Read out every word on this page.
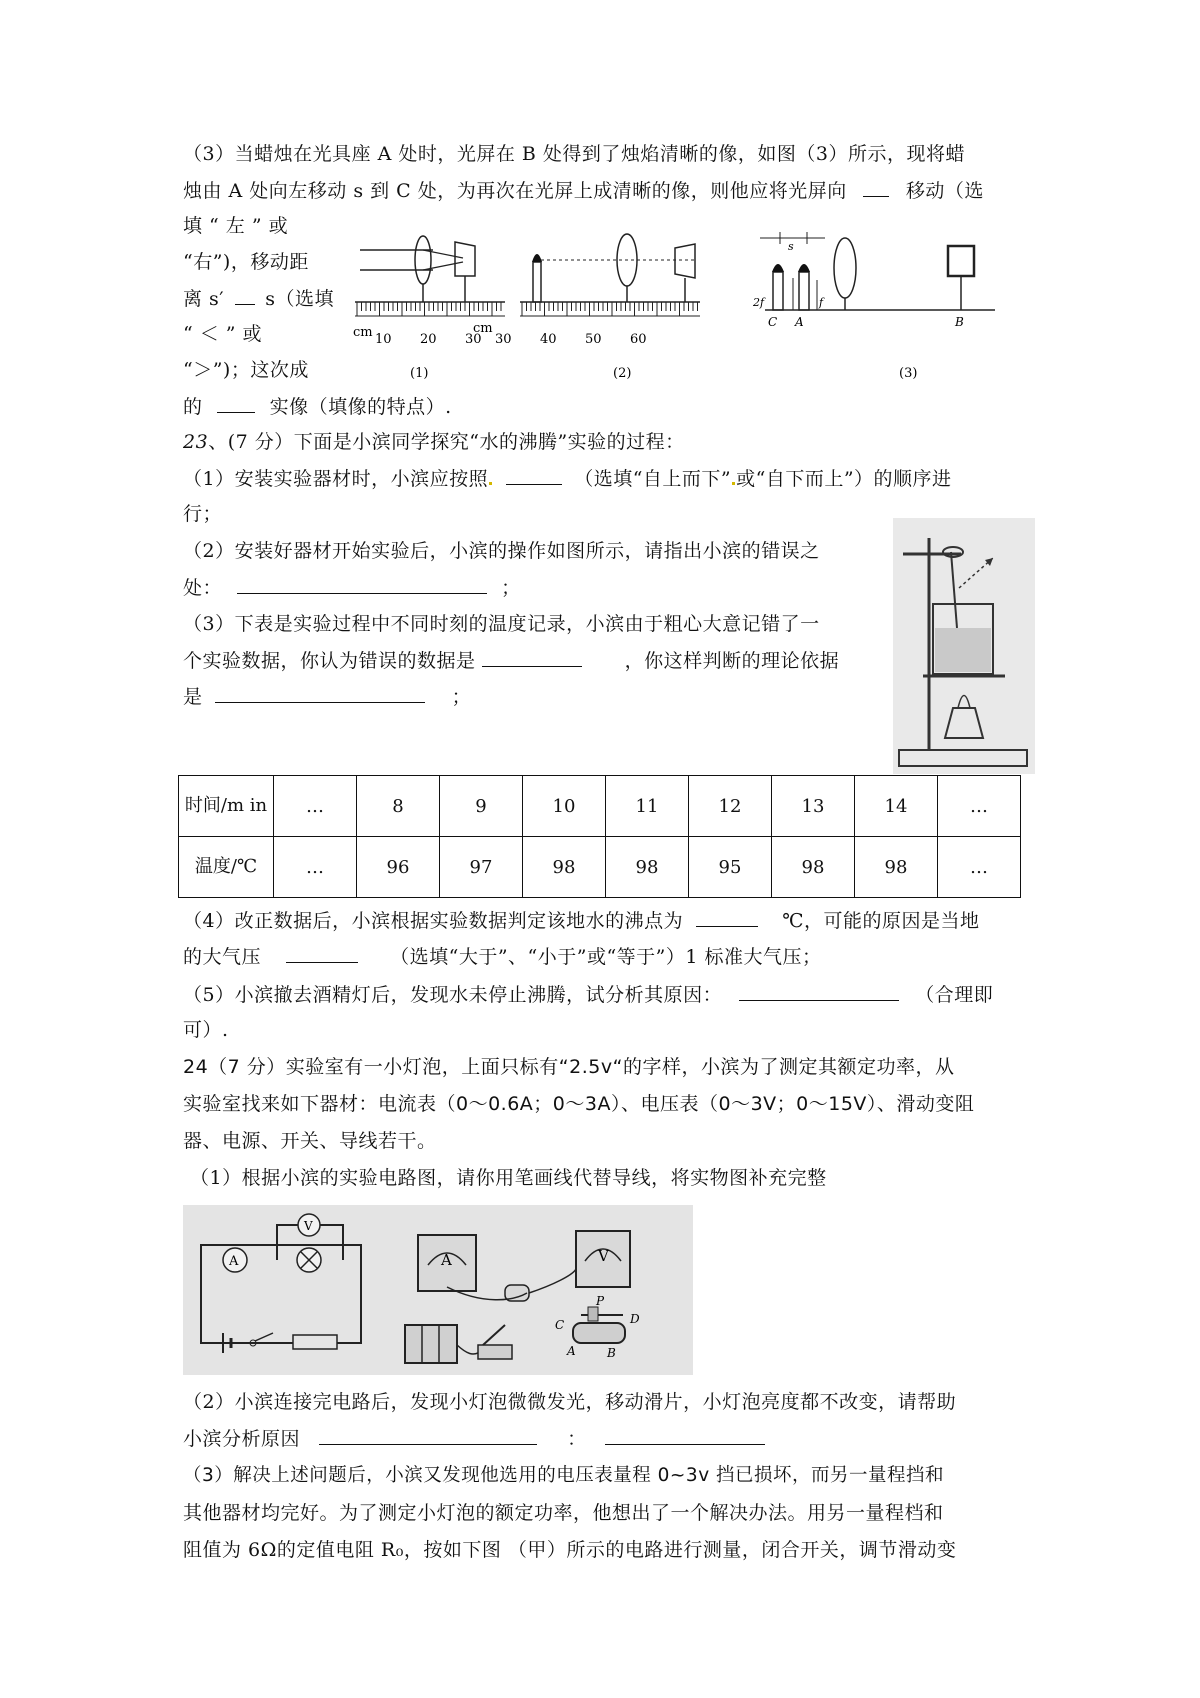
（3）当蜡烛在光具座 A 处时，光屏在 B 处得到了烛焰清晰的像，如图（3）所示，现将蜡
烛由 A 处向左移动 s 到 C 处，为再次在光屏上成清晰的像，则他应将光屏向	移动（选
填 “ 左 ” 或
“右”)，移动距
离 s′ s（选填
“ ＜ ” 或
“＞”)；这次成
的	实像（填像的特点）.
cm 10 20 30
(1)
cm
30 40 50 60
(2)
s
2f	f
C A	B
(3)
23、(7 分）下面是小滨同学探究“水的沸腾”实验的过程：
（1）安装实验器材时，小滨应按照	（选填“自上而下” 或“自下而上”）的顺序进
行；
（2）安装好器材开始实验后，小滨的操作如图所示，请指出小滨的错误之
处：	；
（3）下表是实验过程中不同时刻的温度记录，小滨由于粗心大意记错了一
个实验数据，你认为错误的数据是	，你这样判断的理论依据
是	；
时间/m in	…	8	9	10	11	12	13	14	…
温度/℃	…	96	97	98	98	95	98	98	…
（4）改正数据后，小滨根据实验数据判定该地水的沸点为	℃，可能的原因是当地
的大气压	（选填“大于”、“小于”或“等于”）1 标准大气压；
（5）小滨撤去酒精灯后，发现水未停止沸腾，试分析其原因：	（合理即
可）.
24（7 分）实验室有一小灯泡，上面只标有“2.5v“的字样，小滨为了测定其额定功率，从
实验室找来如下器材：电流表（0～0.6A；0～3A）、电压表（0～3V；0～15V）、滑动变阻
器、电源、开关、导线若干。
（1）根据小滨的实验电路图，请你用笔画线代替导线，将实物图补充完整
A
V
A	V
C
P
D
A	B
（2）小滨连接完电路后，发现小灯泡微微发光，移动滑片，小灯泡亮度都不改变，请帮助
小滨分析原因	：
（3）解决上述问题后，小滨又发现他选用的电压表量程 0~3v 挡已损坏，而另一量程挡和
其他器材均完好。为了测定小灯泡的额定功率，他想出了一个解决办法。用另一量程档和
阻值为 6Ω的定值电阻 R₀，按如下图 （甲）所示的电路进行测量，闭合开关，调节滑动变
